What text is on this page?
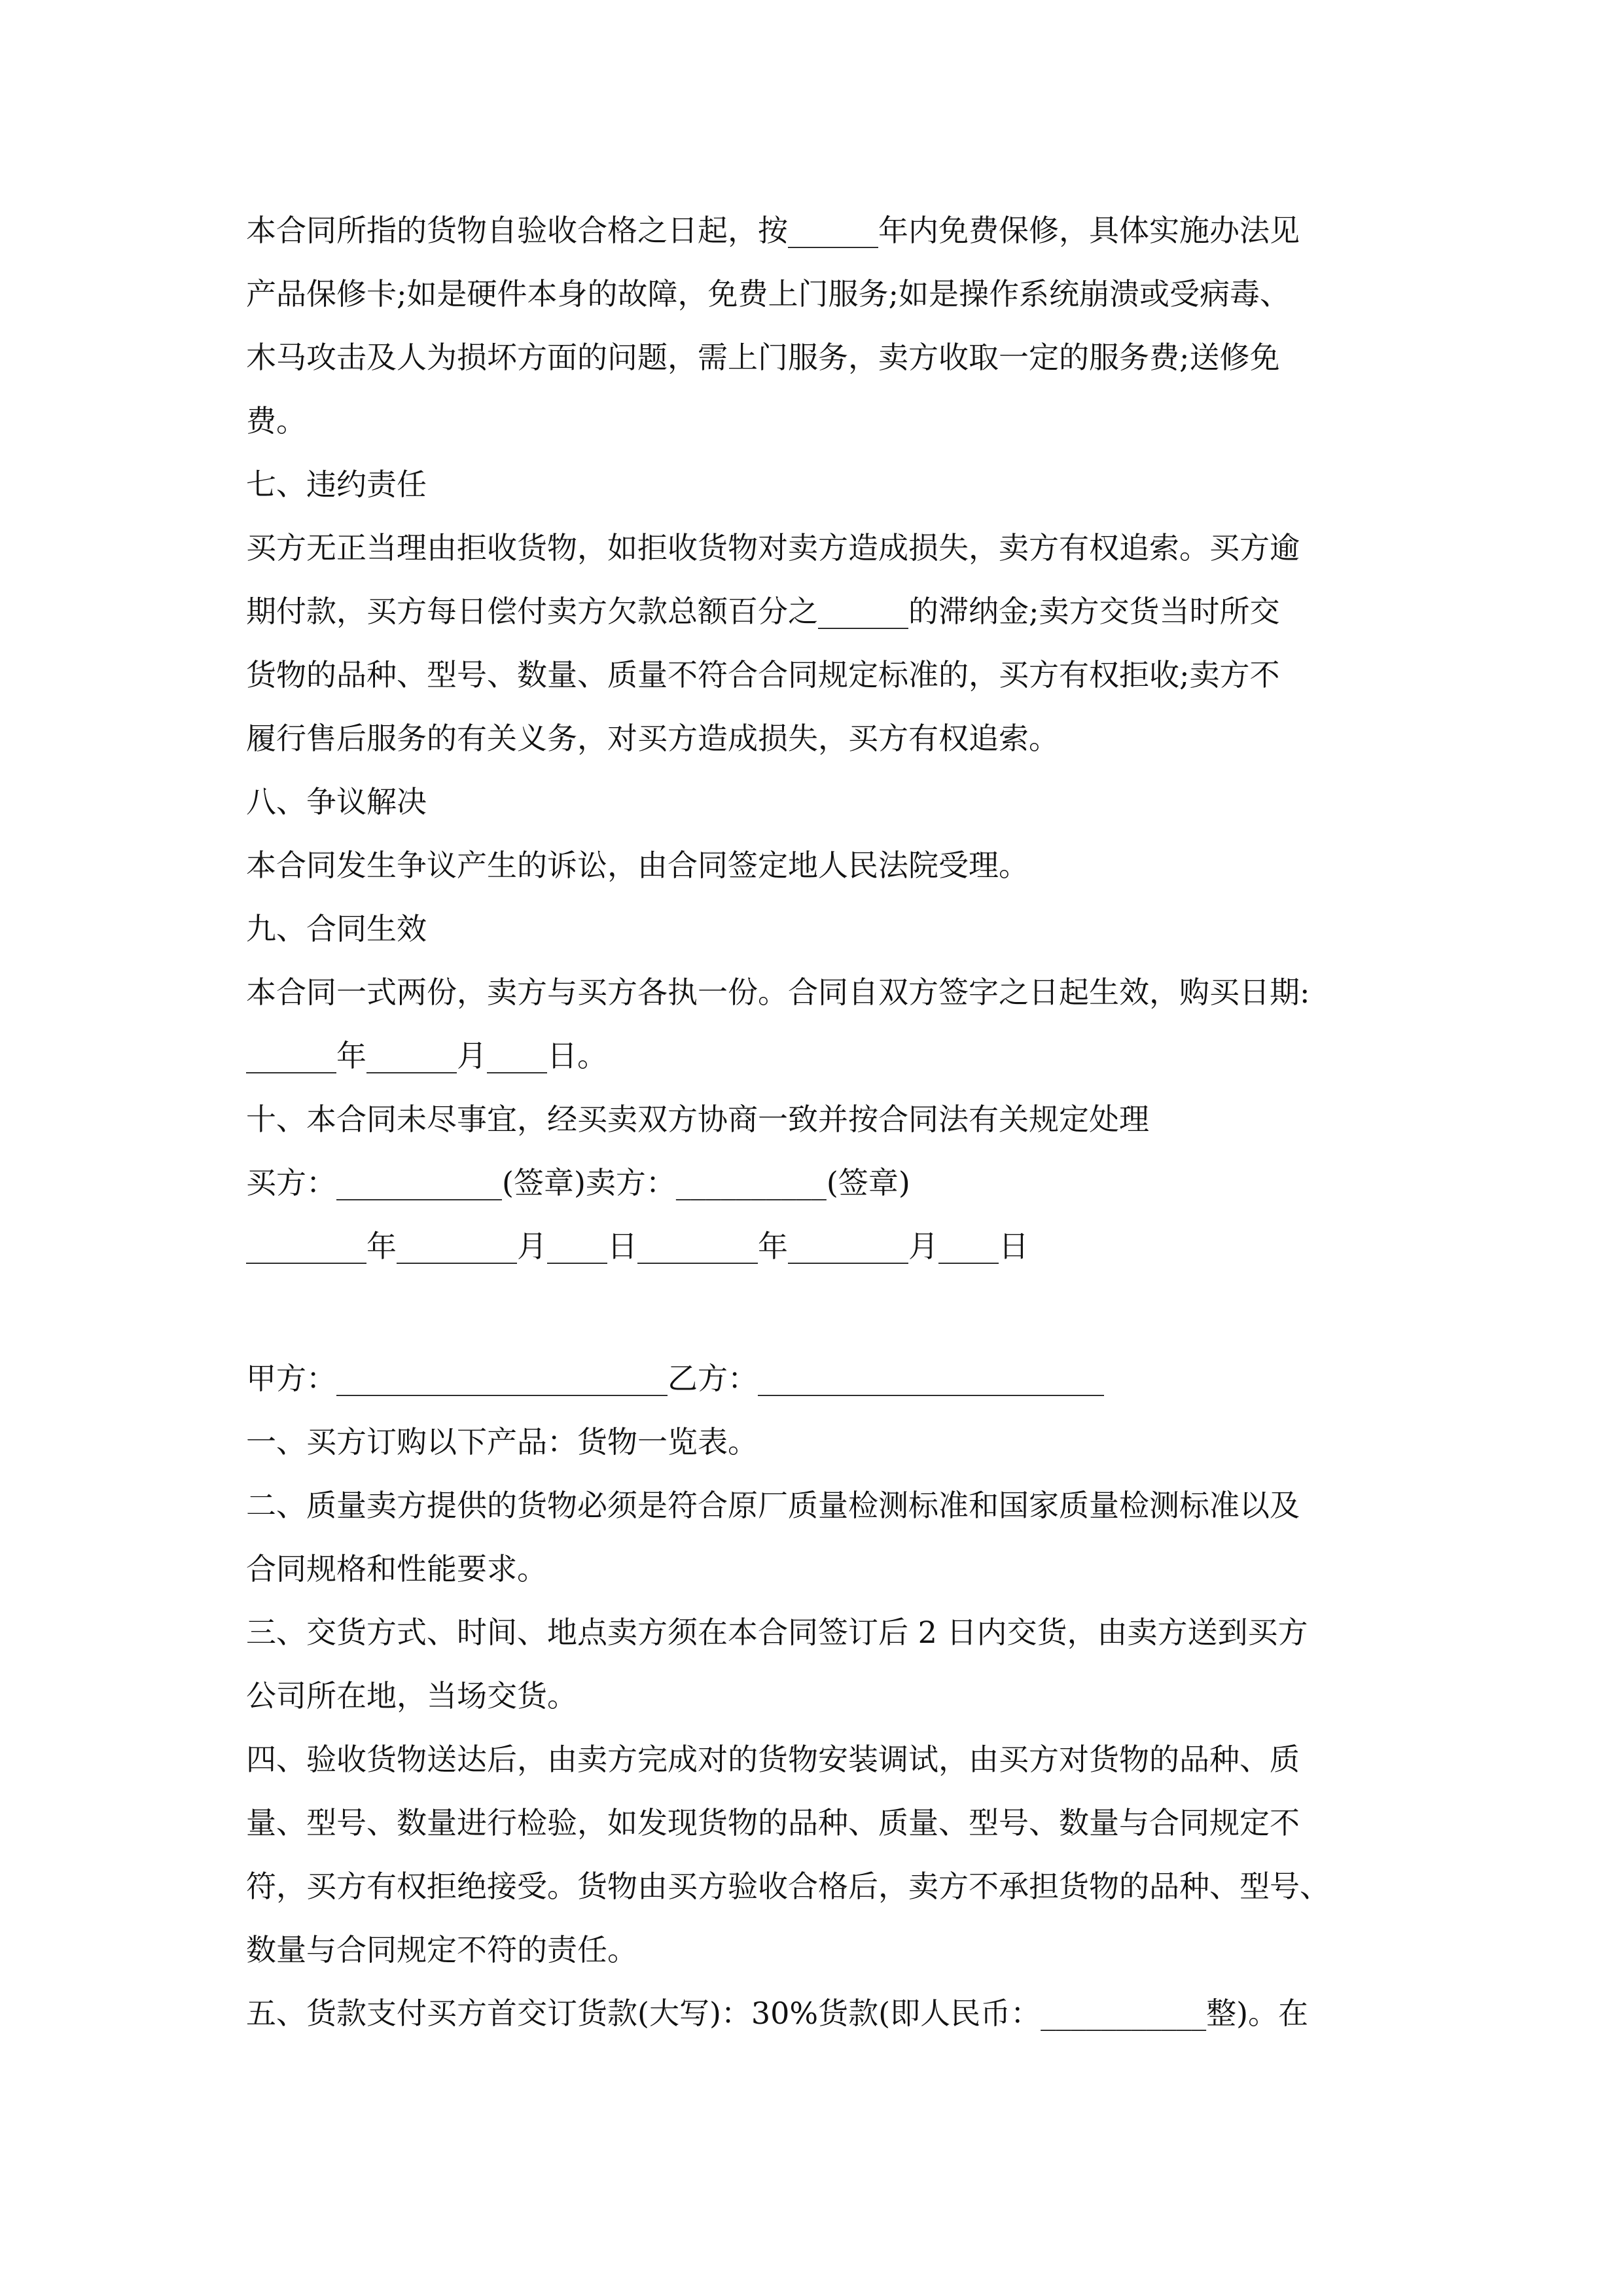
本合同所指的货物自验收合格之日起，按______年内免费保修，具体实施办法见
产品保修卡;如是硬件本身的故障，免费上门服务;如是操作系统崩溃或受病毒、
木马攻击及人为损坏方面的问题，需上门服务，卖方收取一定的服务费;送修免
费。
七、违约责任
买方无正当理由拒收货物，如拒收货物对卖方造成损失，卖方有权追索。买方逾
期付款，买方每日偿付卖方欠款总额百分之______的滞纳金;卖方交货当时所交
货物的品种、型号、数量、质量不符合合同规定标准的，买方有权拒收;卖方不
履行售后服务的有关义务，对买方造成损失，买方有权追索。
八、争议解决
本合同发生争议产生的诉讼，由合同签定地人民法院受理。
九、合同生效
本合同一式两份，卖方与买方各执一份。合同自双方签字之日起生效，购买日期:
______年______月____日。
十、本合同未尽事宜，经买卖双方协商一致并按合同法有关规定处理
买方：___________(签章)卖方：__________(签章)
________年________月____日________年________月____日
甲方：______________________乙方：_______________________
一、买方订购以下产品：货物一览表。
二、质量卖方提供的货物必须是符合原厂质量检测标准和国家质量检测标准以及
合同规格和性能要求。
三、交货方式、时间、地点卖方须在本合同签订后 2 日内交货，由卖方送到买方
公司所在地，当场交货。
四、验收货物送达后，由卖方完成对的货物安装调试，由买方对货物的品种、质
量、型号、数量进行检验，如发现货物的品种、质量、型号、数量与合同规定不
符，买方有权拒绝接受。货物由买方验收合格后，卖方不承担货物的品种、型号、
数量与合同规定不符的责任。
五、货款支付买方首交订货款(大写)：30%货款(即人民币：___________整)。在
